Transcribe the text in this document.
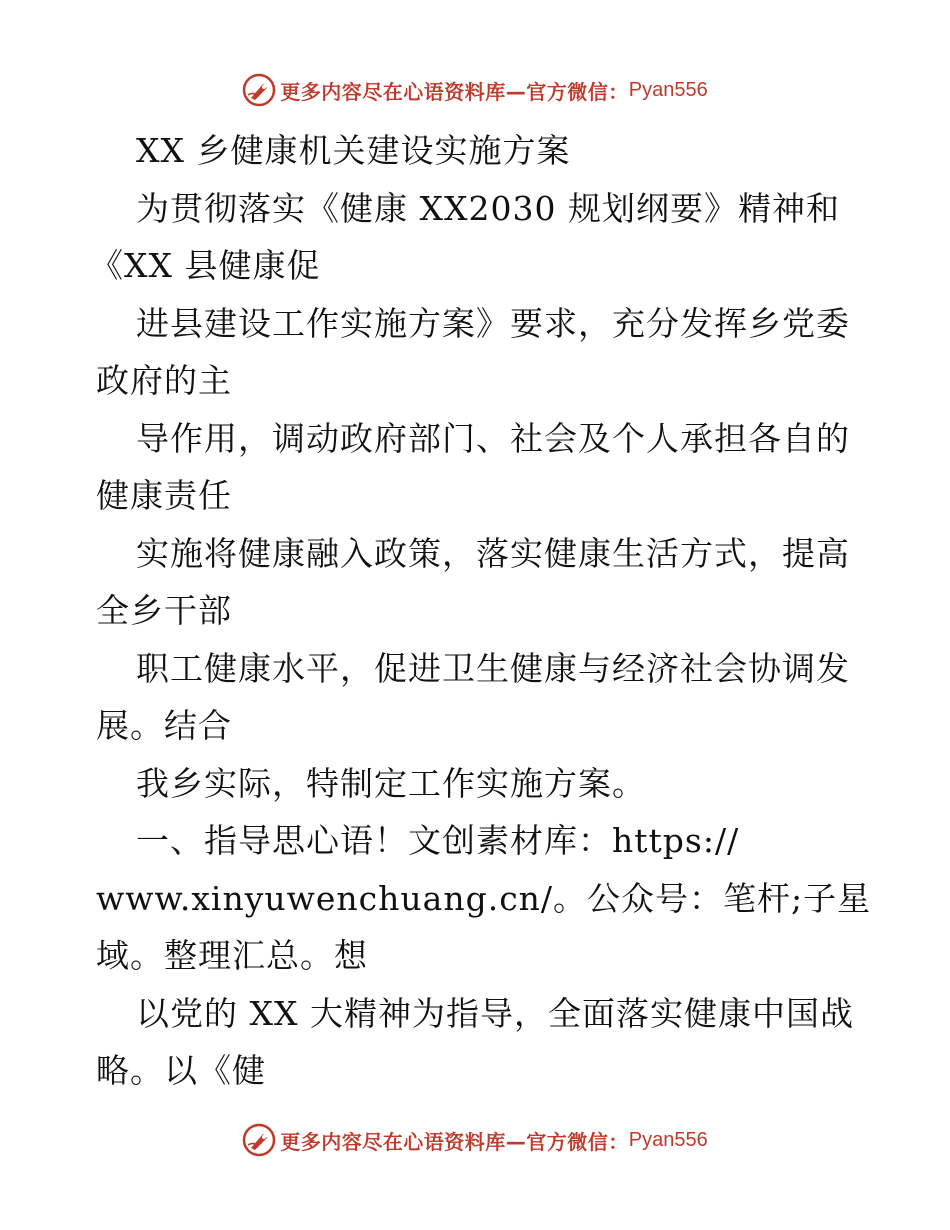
更多内容尽在心语资料库—官方微信： Pyan556
XX 乡健康机关建设实施方案
为贯彻落实《健康 XX2030 规划纲要》精神和
《XX 县健康促
进县建设工作实施方案》要求，充分发挥乡党委
政府的主
导作用，调动政府部门、社会及个人承担各自的
健康责任
实施将健康融入政策，落实健康生活方式，提高
全乡干部
职工健康水平，促进卫生健康与经济社会协调发
展。结合
我乡实际，特制定工作实施方案。
一、指导思心语！文创素材库：https://
www.xinyuwenchuang.cn/。公众号：笔杆;子星
域。整理汇总。想
以党的 XX 大精神为指导，全面落实健康中国战
略。以《健
更多内容尽在心语资料库—官方微信： Pyan556
